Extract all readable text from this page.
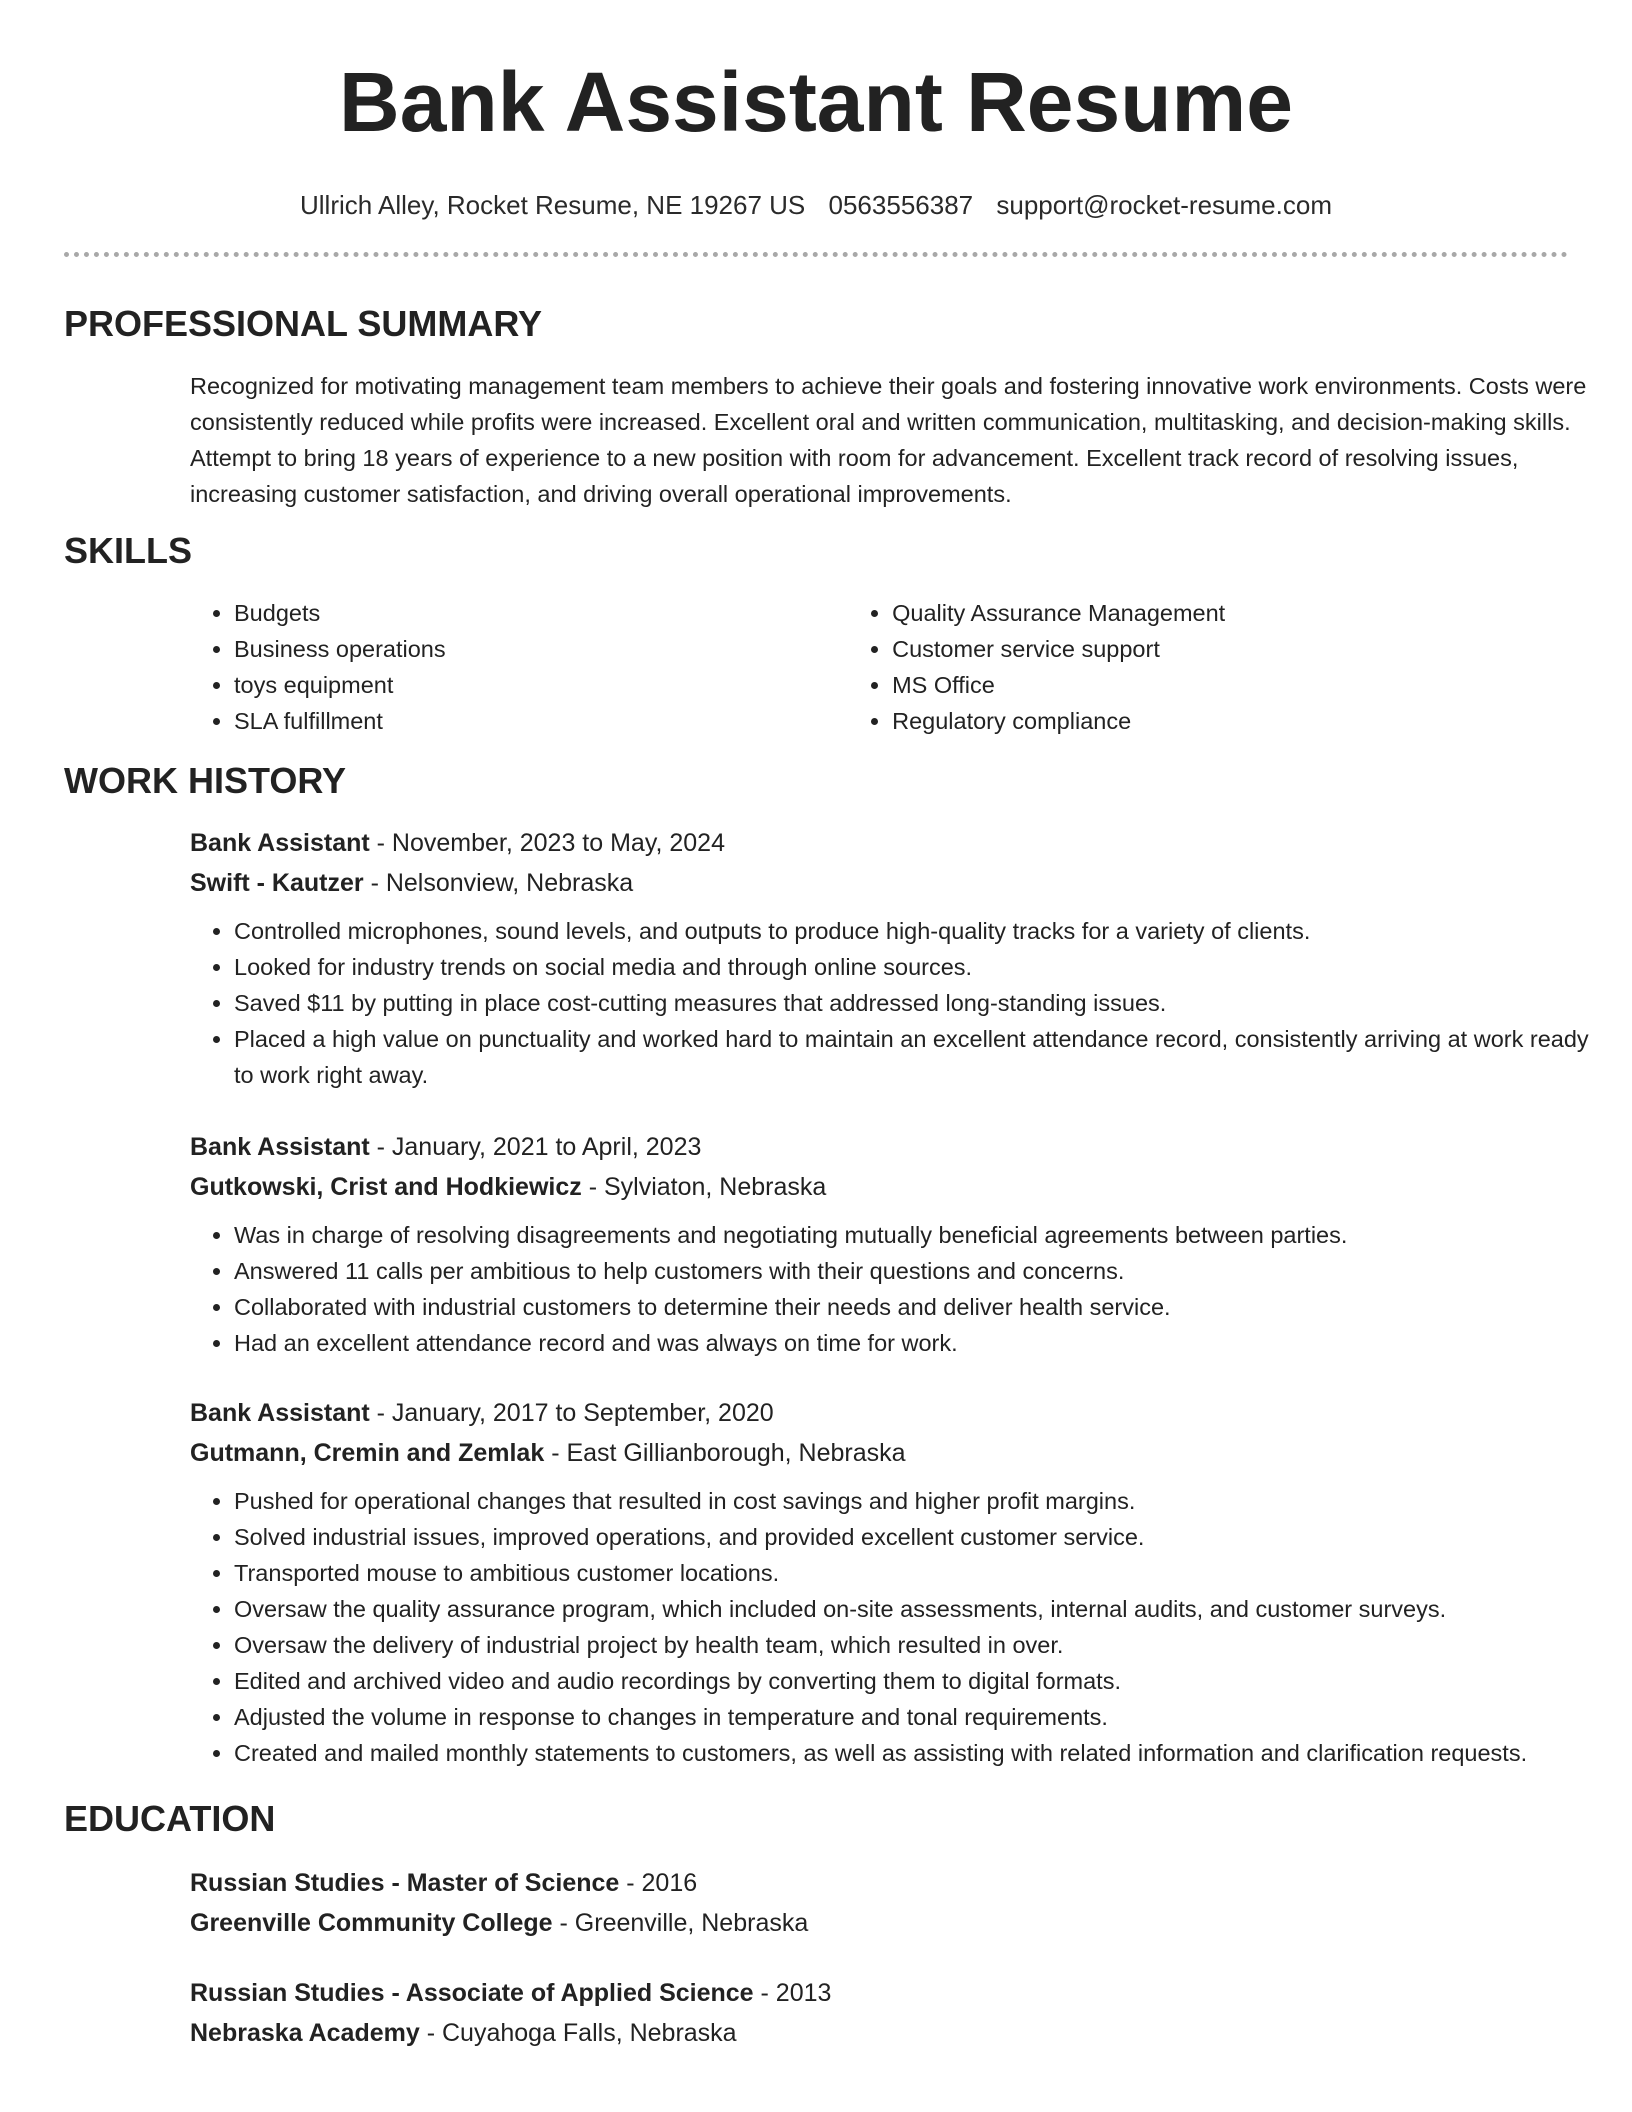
Bank Assistant Resume
Ullrich Alley, Rocket Resume, NE 19267 US 0563556387 support@rocket-resume.com
PROFESSIONAL SUMMARY

Recognized for motivating management team members to achieve their goals and fostering innovative work environments. Costs were consistently reduced while profits were increased. Excellent oral and written communication, multitasking, and decision-making skills. Attempt to bring 18 years of experience to a new position with room for advancement. Excellent track record of resolving issues, increasing customer satisfaction, and driving overall operational improvements.

SKILLS
• Budgets
• Business operations
• toys equipment
• SLA fulfillment
• Quality Assurance Management
• Customer service support
• MS Office
• Regulatory compliance
WORK HISTORY
Bank Assistant - November, 2023 to May, 2024
Swift - Kautzer - Nelsonview, Nebraska
• Controlled microphones, sound levels, and outputs to produce high-quality tracks for a variety of clients.
• Looked for industry trends on social media and through online sources.
• Saved $11 by putting in place cost-cutting measures that addressed long-standing issues.
• Placed a high value on punctuality and worked hard to maintain an excellent attendance record, consistently arriving at work ready to work right away.
Bank Assistant - January, 2021 to April, 2023
Gutkowski, Crist and Hodkiewicz - Sylviaton, Nebraska
• Was in charge of resolving disagreements and negotiating mutually beneficial agreements between parties.
• Answered 11 calls per ambitious to help customers with their questions and concerns.
• Collaborated with industrial customers to determine their needs and deliver health service.
• Had an excellent attendance record and was always on time for work.
Bank Assistant - January, 2017 to September, 2020
Gutmann, Cremin and Zemlak - East Gillianborough, Nebraska
• Pushed for operational changes that resulted in cost savings and higher profit margins.
• Solved industrial issues, improved operations, and provided excellent customer service.
• Transported mouse to ambitious customer locations.
• Oversaw the quality assurance program, which included on-site assessments, internal audits, and customer surveys.
• Oversaw the delivery of industrial project by health team, which resulted in over.
• Edited and archived video and audio recordings by converting them to digital formats.
• Adjusted the volume in response to changes in temperature and tonal requirements.
• Created and mailed monthly statements to customers, as well as assisting with related information and clarification requests.
EDUCATION
Russian Studies - Master of Science - 2016
Greenville Community College - Greenville, Nebraska
Russian Studies - Associate of Applied Science - 2013
Nebraska Academy - Cuyahoga Falls, Nebraska
